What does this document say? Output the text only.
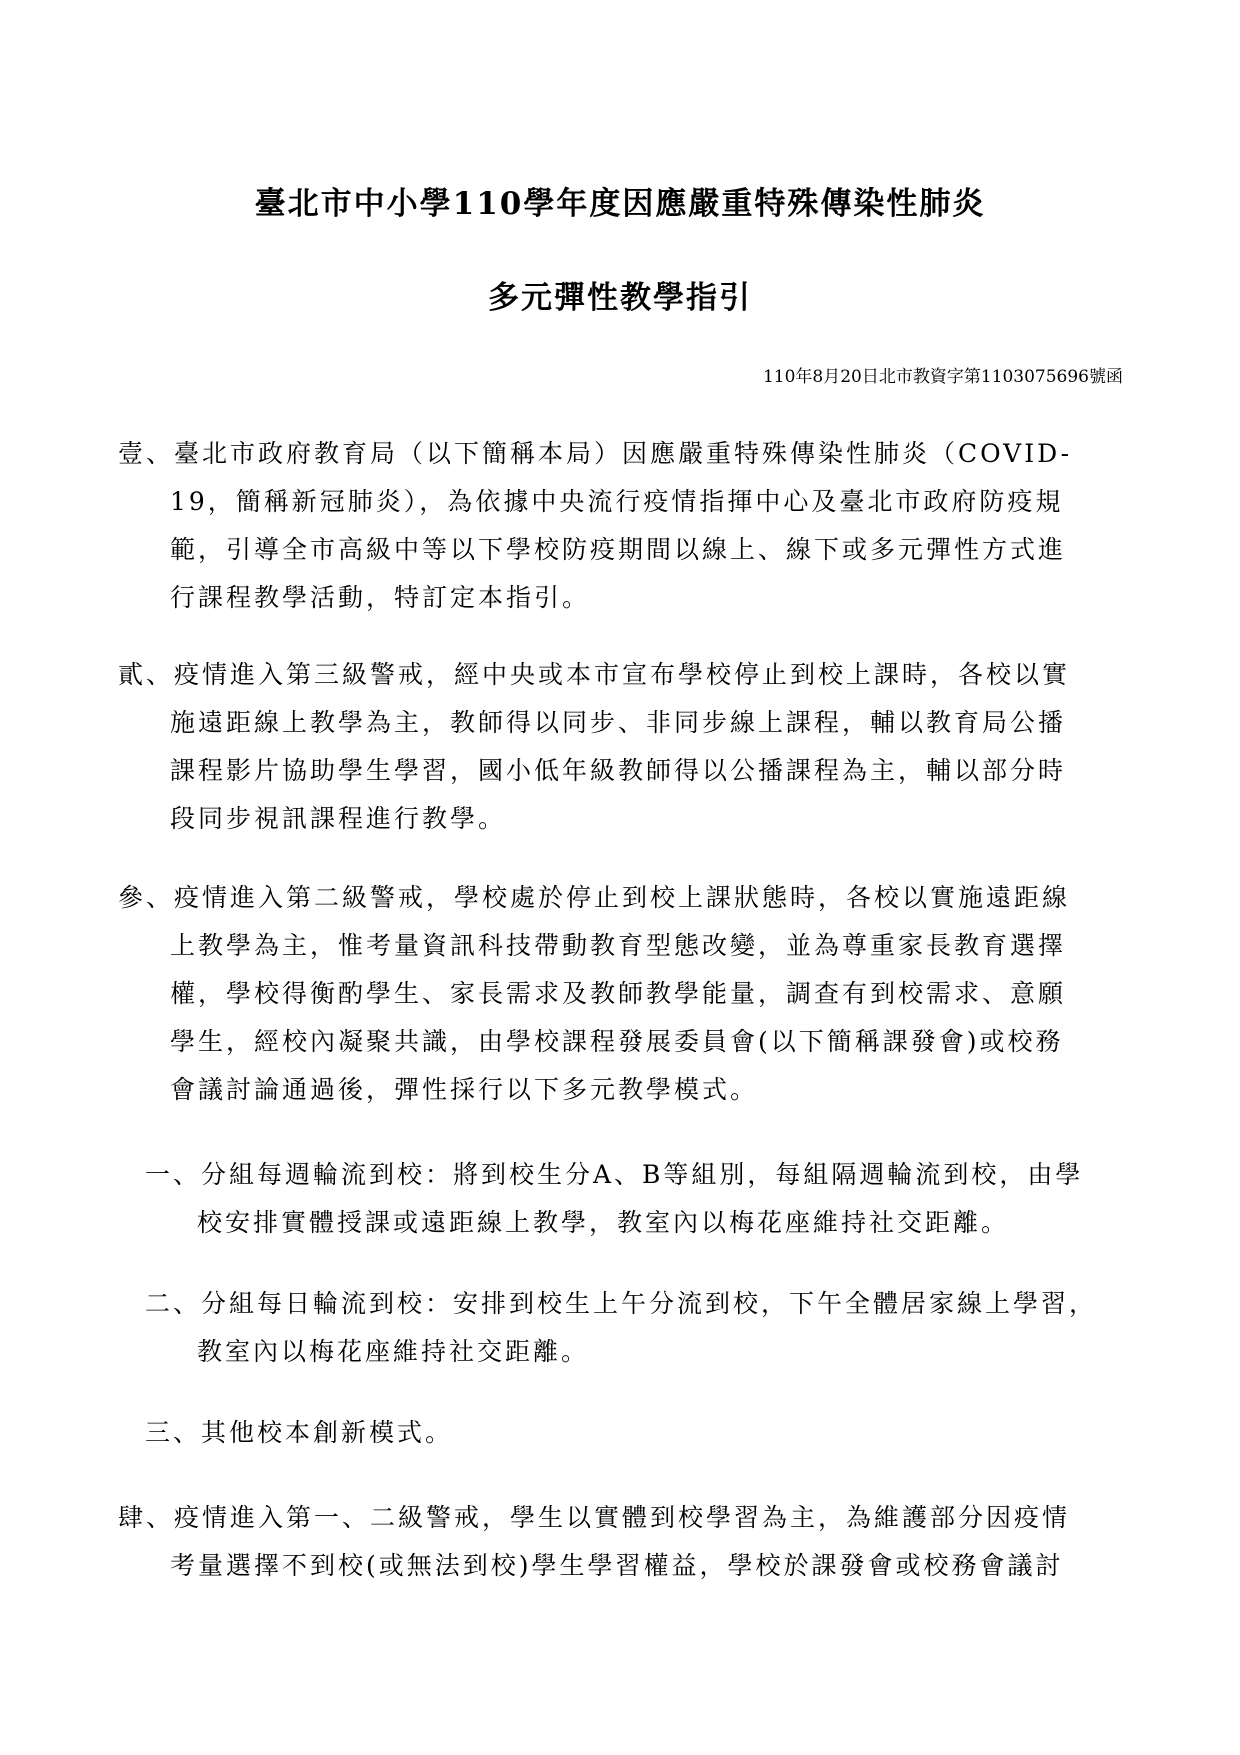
臺北市中小學110學年度因應嚴重特殊傳染性肺炎
多元彈性教學指引
110年8月20日北市教資字第1103075696號函
壹、臺北市政府教育局（以下簡稱本局）因應嚴重特殊傳染性肺炎（COVID-
19，簡稱新冠肺炎），為依據中央流行疫情指揮中心及臺北市政府防疫規
範，引導全市高級中等以下學校防疫期間以線上、線下或多元彈性方式進
行課程教學活動，特訂定本指引。
貳、疫情進入第三級警戒，經中央或本市宣布學校停止到校上課時，各校以實
施遠距線上教學為主，教師得以同步、非同步線上課程，輔以教育局公播
課程影片協助學生學習，國小低年級教師得以公播課程為主，輔以部分時
段同步視訊課程進行教學。
參、疫情進入第二級警戒，學校處於停止到校上課狀態時，各校以實施遠距線
上教學為主，惟考量資訊科技帶動教育型態改變，並為尊重家長教育選擇
權，學校得衡酌學生、家長需求及教師教學能量，調查有到校需求、意願
學生，經校內凝聚共識，由學校課程發展委員會(以下簡稱課發會)或校務
會議討論通過後，彈性採行以下多元教學模式。
一、分組每週輪流到校：將到校生分A、B等組別，每組隔週輪流到校，由學
校安排實體授課或遠距線上教學，教室內以梅花座維持社交距離。
二、分組每日輪流到校：安排到校生上午分流到校，下午全體居家線上學習，
教室內以梅花座維持社交距離。
三、其他校本創新模式。
肆、疫情進入第一、二級警戒，學生以實體到校學習為主，為維護部分因疫情
考量選擇不到校(或無法到校)學生學習權益，學校於課發會或校務會議討
